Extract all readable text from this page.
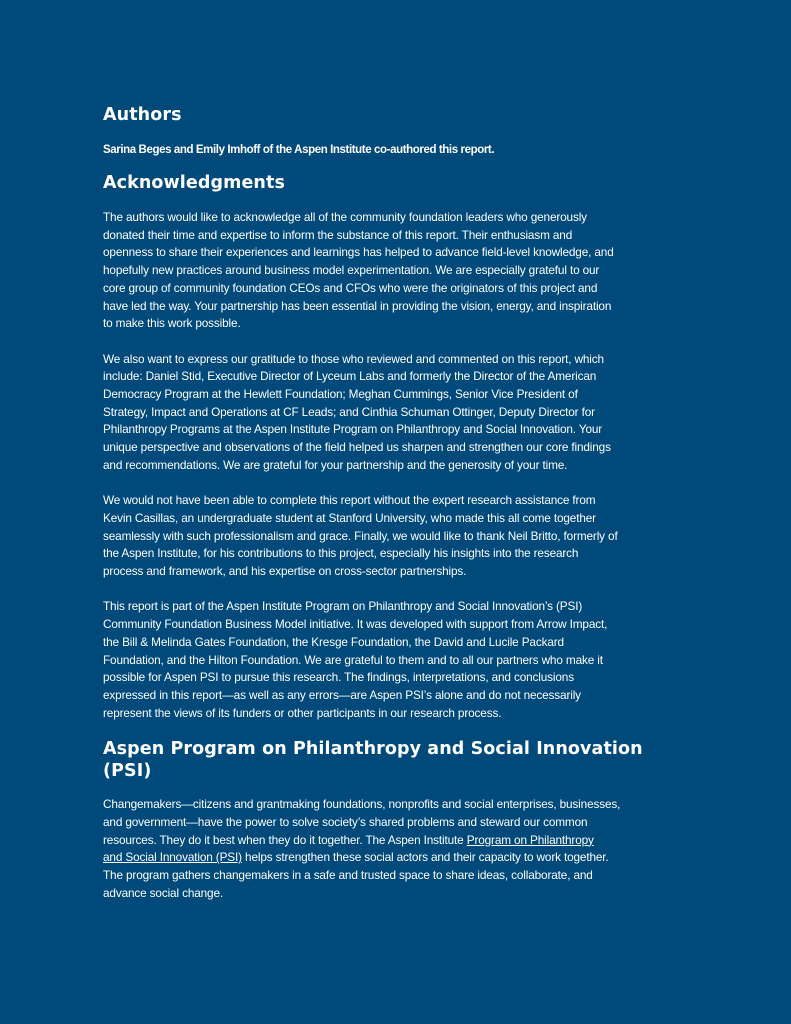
Authors

Sarina Beges and Emily Imhoff of the Aspen Institute co-authored this report.

Acknowledgments

The authors would like to acknowledge all of the community foundation leaders who generously
donated their time and expertise to inform the substance of this report. Their enthusiasm and
openness to share their experiences and learnings has helped to advance field-level knowledge, and
hopefully new practices around business model experimentation. We are especially grateful to our
core group of community foundation CEOs and CFOs who were the originators of this project and
have led the way. Your partnership has been essential in providing the vision, energy, and inspiration
to make this work possible.

We also want to express our gratitude to those who reviewed and commented on this report, which
include: Daniel Stid, Executive Director of Lyceum Labs and formerly the Director of the American
Democracy Program at the Hewlett Foundation; Meghan Cummings, Senior Vice President of
Strategy, Impact and Operations at CF Leads; and Cinthia Schuman Ottinger, Deputy Director for
Philanthropy Programs at the Aspen Institute Program on Philanthropy and Social Innovation. Your
unique perspective and observations of the field helped us sharpen and strengthen our core findings
and recommendations. We are grateful for your partnership and the generosity of your time.

We would not have been able to complete this report without the expert research assistance from
Kevin Casillas, an undergraduate student at Stanford University, who made this all come together
seamlessly with such professionalism and grace. Finally, we would like to thank Neil Britto, formerly of
the Aspen Institute, for his contributions to this project, especially his insights into the research
process and framework, and his expertise on cross-sector partnerships.

This report is part of the Aspen Institute Program on Philanthropy and Social Innovation’s (PSI)
Community Foundation Business Model initiative. It was developed with support from Arrow Impact,
the Bill & Melinda Gates Foundation, the Kresge Foundation, the David and Lucile Packard
Foundation, and the Hilton Foundation. We are grateful to them and to all our partners who make it
possible for Aspen PSI to pursue this research. The findings, interpretations, and conclusions
expressed in this report—as well as any errors—are Aspen PSI’s alone and do not necessarily
represent the views of its funders or other participants in our research process.

Aspen Program on Philanthropy and Social Innovation
(PSI)

Changemakers—citizens and grantmaking foundations, nonprofits and social enterprises, businesses,
and government—have the power to solve society’s shared problems and steward our common
resources. They do it best when they do it together. The Aspen Institute Program on Philanthropy
and Social Innovation (PSI) helps strengthen these social actors and their capacity to work together.
The program gathers changemakers in a safe and trusted space to share ideas, collaborate, and
advance social change.
